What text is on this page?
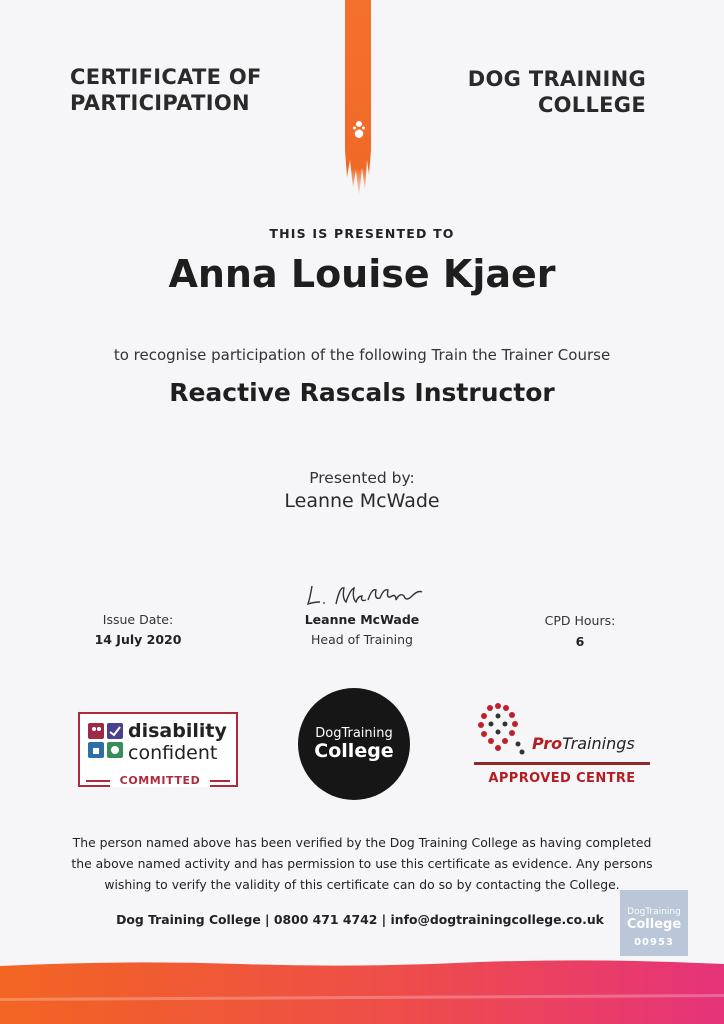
CERTIFICATE OF
PARTICIPATION
DOG TRAINING
COLLEGE
THIS IS PRESENTED TO
Anna Louise Kjaer
to recognise participation of the following Train the Trainer Course
Reactive Rascals Instructor
Presented by:
Leanne McWade
Issue Date:
14 July 2020
Leanne McWade
Head of Training
CPD Hours:
6
disability
confident
COMMITTED
DogTraining
College	ProTrainings
APPROVED CENTRE
The person named above has been verified by the Dog Training College as having completed the above named activity and has permission to use this certificate as evidence. Any persons wishing to verify the validity of this certificate can do so by contacting the College.
Dog Training College | 0800 471 4742 | info@dogtrainingcollege.co.uk	DogTraining
College
00953
